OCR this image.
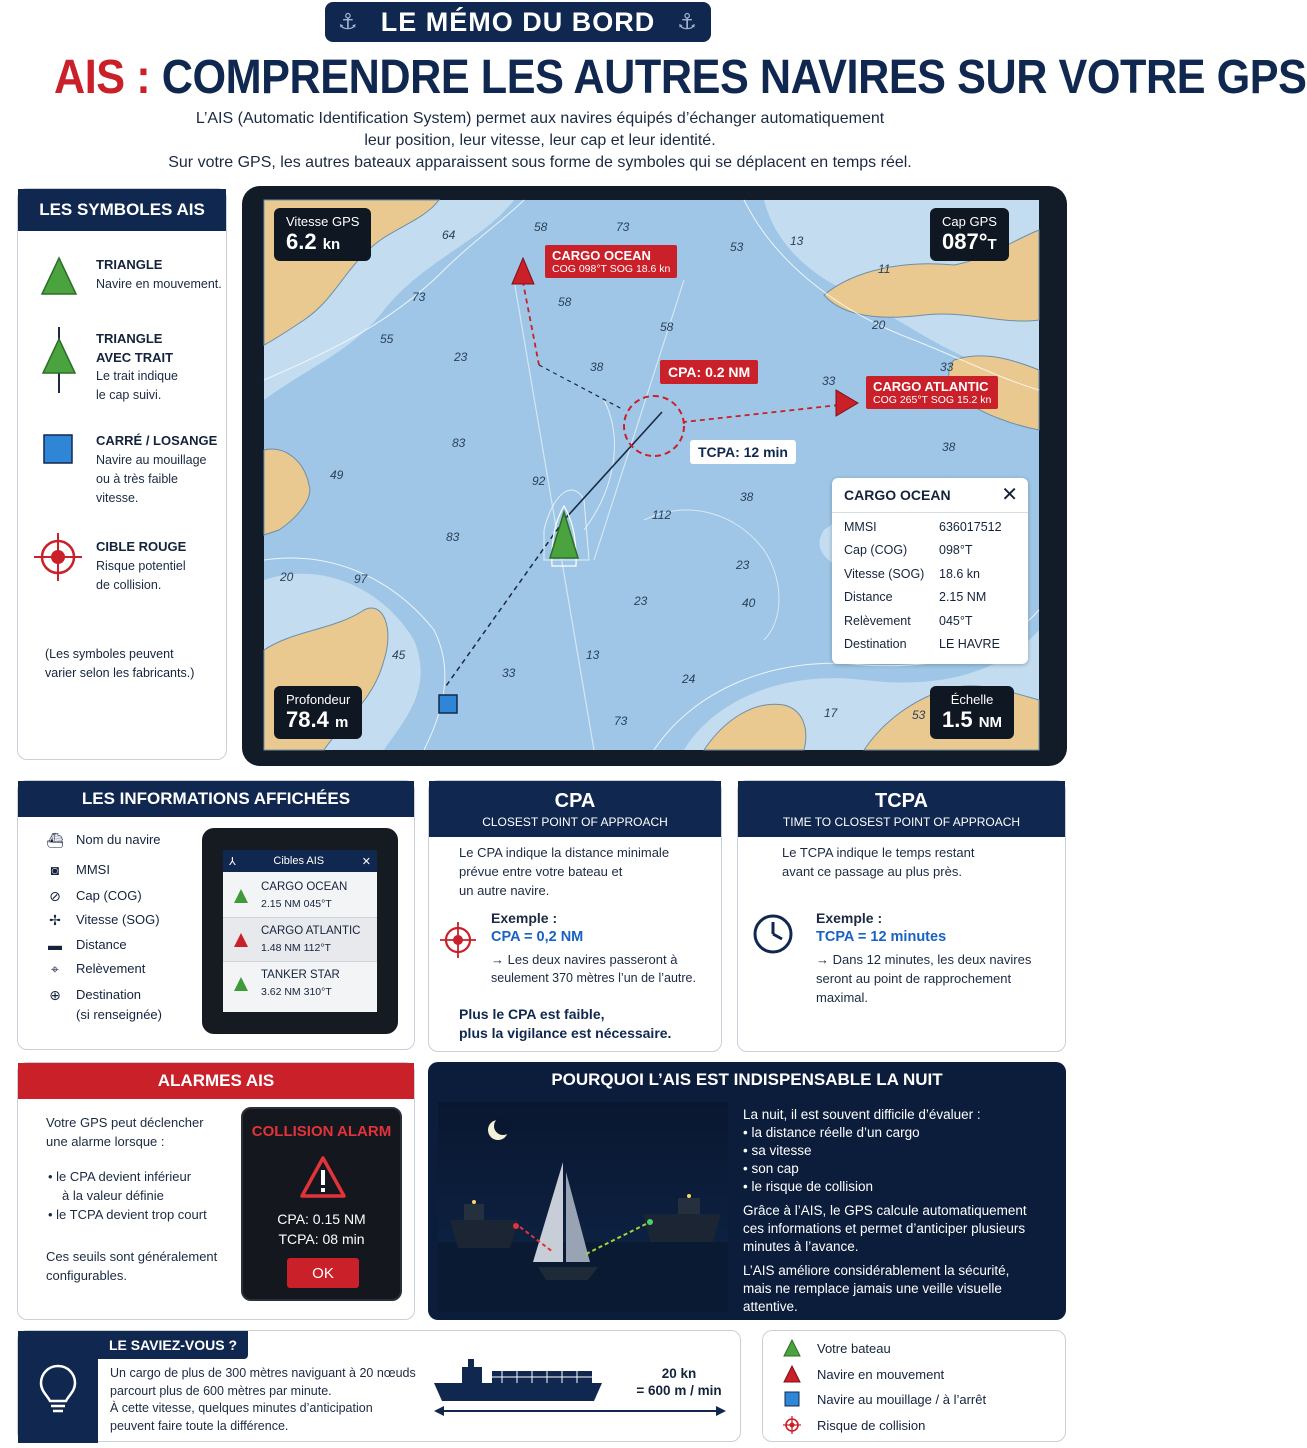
⚓ LE MÉMO DU BORD ⚓
AIS : COMPRENDRE LES AUTRES NAVIRES SUR VOTRE GPS
L’AIS (Automatic Identification System) permet aux navires équipés d’échanger automatiquement
leur position, leur vitesse, leur cap et leur identité.
Sur votre GPS, les autres bateaux apparaissent sous forme de symboles qui se déplacent en temps réel.
LES SYMBOLES AIS
TRIANGLE
Navire en mouvement.
TRIANGLE
AVEC TRAIT
Le trait indique
le cap suivi.
CARRÉ / LOSANGE
Navire au mouillage
ou à très faible
vitesse.
CIBLE ROUGE
Risque potentiel
de collision.
(Les symboles peuvent
varier selon les fabricants.)
64
58	73
53	13
73	58
58
55
23
38
83
49	92
112
38
83
23
20	97
23
45
33
13
24
73
17	53
33
20
33
38
40
11
CARGO OCEAN
COG 098°T SOG 18.6 kn
CARGO ATLANTIC
COG 265°T SOG 15.2 kn
CPA: 0.2 NM
TCPA: 12 min
Vitesse GPS
6.2 kn
Cap GPS
087°T
Profondeur
78.4 m
Échelle
1.5 NM
CARGO OCEAN	✕
MMSI	636017512
Cap (COG)	098°T
Vitesse (SOG) 18.6 kn
Distance	2.15 NM
Relèvement 045°T
Destination	LE HAVRE
LES INFORMATIONS AFFICHÉES
⛴ Nom du navire
◙	MMSI
⊘ Cap (COG)
✢ Vitesse (SOG)
▬ Distance
⌖	Relèvement
⊕ Destination
(si renseignée)
⅄	Cibles AIS	✕
CARGO OCEAN
2.15 NM 045°T
CARGO ATLANTIC
1.48 NM 112°T
TANKER STAR
3.62 NM 310°T
CPA
CLOSEST POINT OF APPROACH
Le CPA indique la distance minimale
prévue entre votre bateau et
un autre navire.
Exemple :
CPA = 0,2 NM
→ Les deux navires passeront à
seulement 370 mètres l’un de l’autre.
Plus le CPA est faible,
plus la vigilance est nécessaire.
TCPA
TIME TO CLOSEST POINT OF APPROACH
Le TCPA indique le temps restant
avant ce passage au plus près.
Exemple :
TCPA = 12 minutes
→ Dans 12 minutes, les deux navires
seront au point de rapprochement
maximal.
ALARMES AIS
Votre GPS peut déclencher
une alarme lorsque :
• le CPA devient inférieur
à la valeur définie
• le TCPA devient trop court
Ces seuils sont généralement
configurables.
COLLISION ALARM
CPA: 0.15 NM
TCPA: 08 min
OK
POURQUOI L’AIS EST INDISPENSABLE LA NUIT
La nuit, il est souvent difficile d’évaluer :
• la distance réelle d’un cargo
• sa vitesse
• son cap
• le risque de collision
Grâce à l’AIS, le GPS calcule automatiquement
ces informations et permet d’anticiper plusieurs
minutes à l’avance.
L’AIS améliore considérablement la sécurité,
mais ne remplace jamais une veille visuelle
attentive.
LE SAVIEZ-VOUS ?
Un cargo de plus de 300 mètres naviguant à 20 nœuds
parcourt plus de 600 mètres par minute.
À cette vitesse, quelques minutes d’anticipation
peuvent faire toute la différence.
20 kn
= 600 m / min
Votre bateau
Navire en mouvement
Navire au mouillage / à l’arrêt
Risque de collision
